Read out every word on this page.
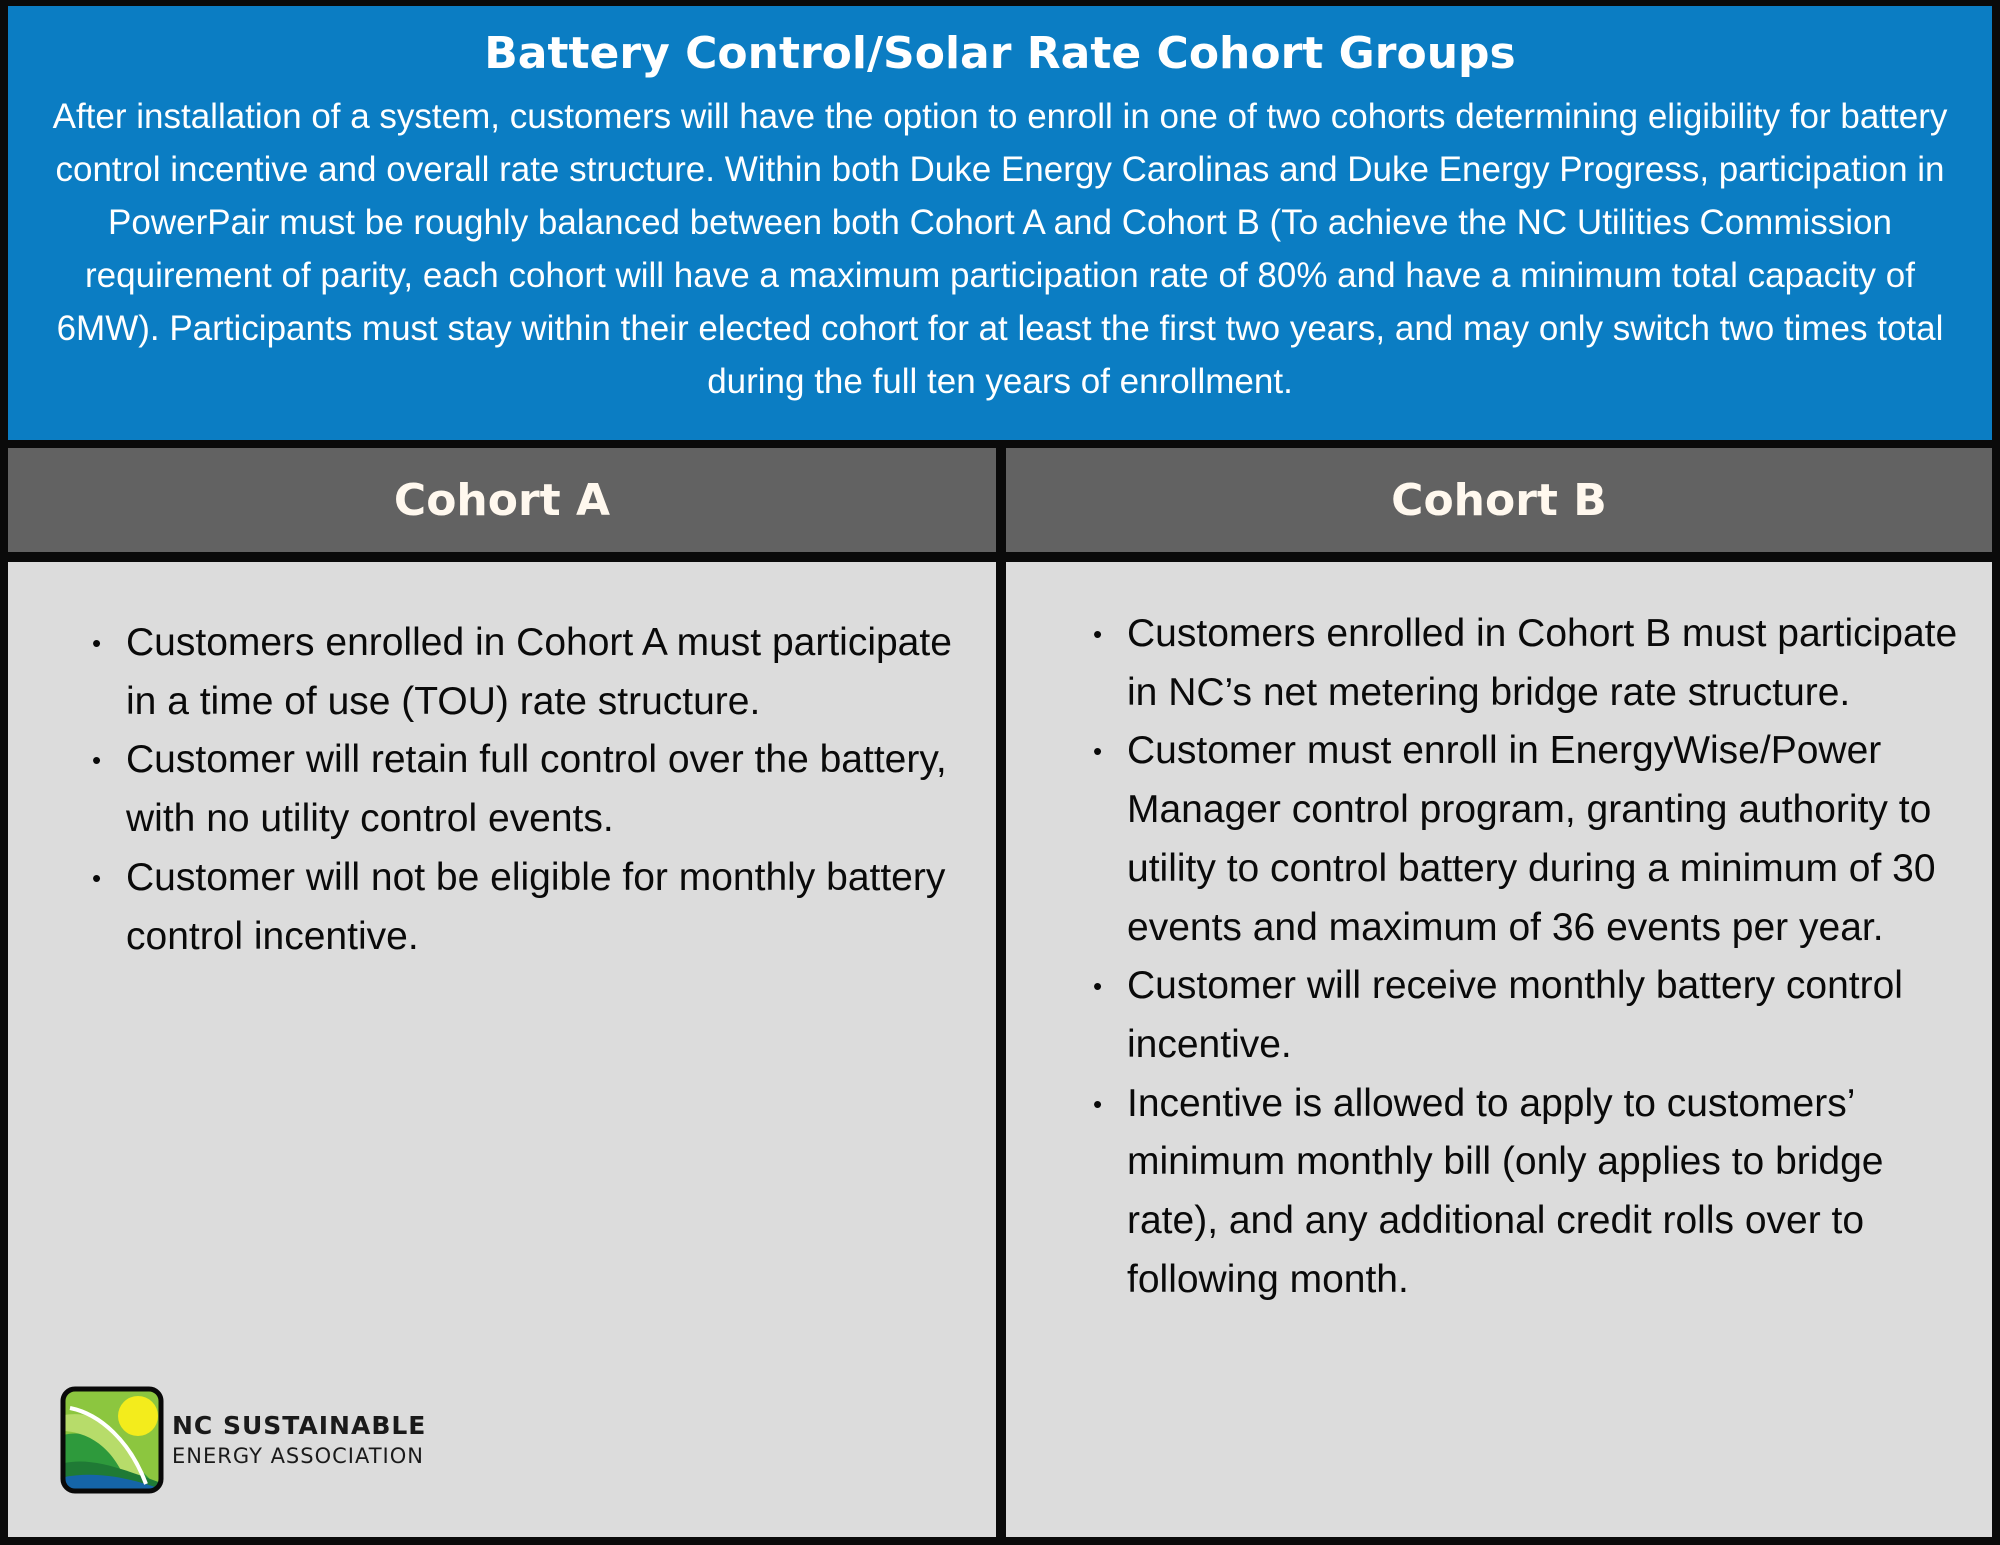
Battery Control/Solar Rate Cohort Groups

After installation of a system, customers will have the option to enroll in one of two cohorts determining eligibility for battery control incentive and overall rate structure. Within both Duke Energy Carolinas and Duke Energy Progress, participation in PowerPair must be roughly balanced between both Cohort A and Cohort B (To achieve the NC Utilities Commission requirement of parity, each cohort will have a maximum participation rate of 80% and have a minimum total capacity of 6MW). Participants must stay within their elected cohort for at least the first two years, and may only switch two times total during the full ten years of enrollment.

Cohort A	Cohort B
• Customers enrolled in Cohort A must participate in a time of use (TOU) rate structure.
• Customer will retain full control over the battery, with no utility control events.
• Customer will not be eligible for monthly battery control incentive.
• Customers enrolled in Cohort B must participate in NC’s net metering bridge rate structure.
• Customer must enroll in EnergyWise/Power Manager control program, granting authority to utility to control battery during a minimum of 30 events and maximum of 36 events per year.
• Customer will receive monthly battery control incentive.
• Incentive is allowed to apply to customers’ minimum monthly bill (only applies to bridge rate), and any additional credit rolls over to following month.
NC SUSTAINABLE
ENERGY ASSOCIATION
